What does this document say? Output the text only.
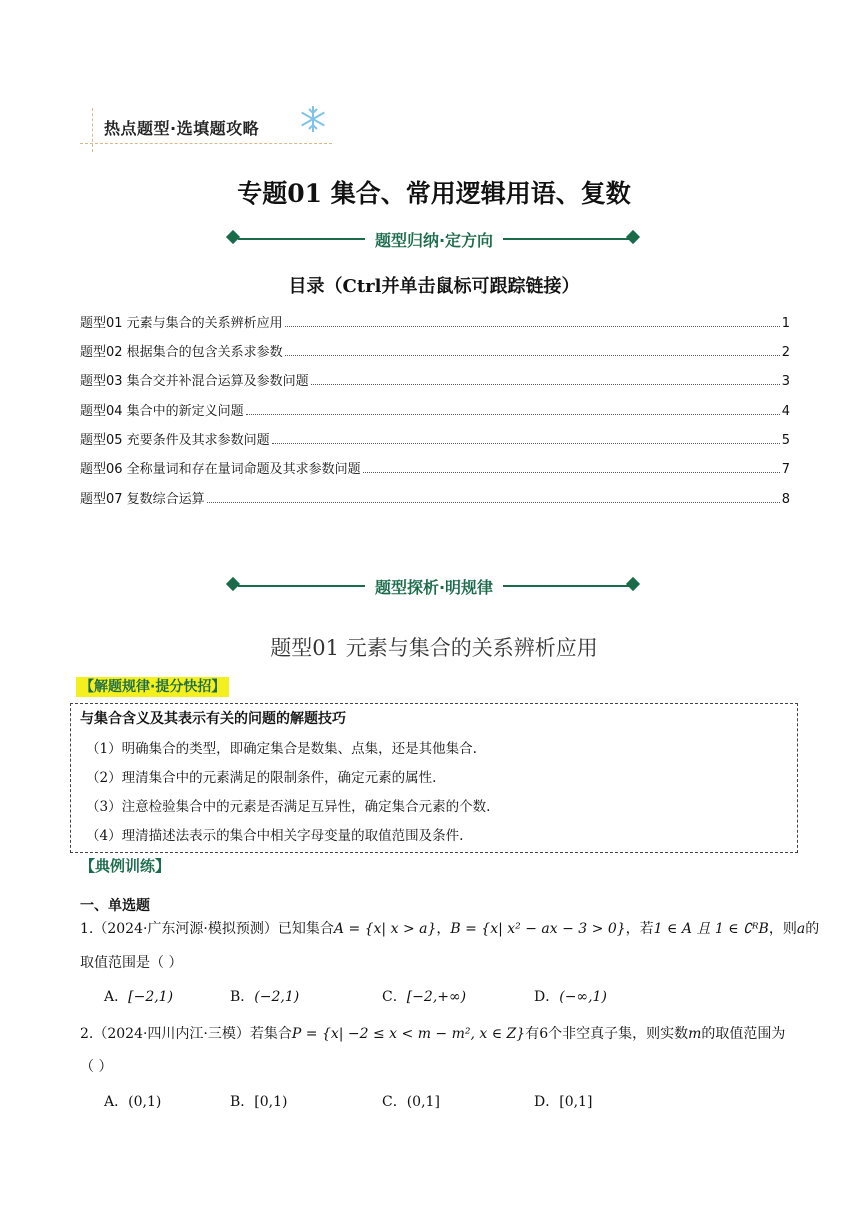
热点题型·选填题攻略
专题01 集合、常用逻辑用语、复数
题型归纳·定方向
目录（Ctrl并单击鼠标可跟踪链接）
题型01 元素与集合的关系辨析应用	1
题型02 根据集合的包含关系求参数	2
题型03 集合交并补混合运算及参数问题	3
题型04 集合中的新定义问题	4
题型05 充要条件及其求参数问题	5
题型06 全称量词和存在量词命题及其求参数问题	7
题型07 复数综合运算	8
题型探析·明规律
题型01 元素与集合的关系辨析应用
【解题规律·提分快招】
与集合含义及其表示有关的问题的解题技巧
（1）明确集合的类型，即确定集合是数集、点集，还是其他集合.
（2）理清集合中的元素满足的限制条件，确定元素的属性.
（3）注意检验集合中的元素是否满足互异性，确定集合元素的个数.
（4）理清描述法表示的集合中相关字母变量的取值范围及条件.
【典例训练】
一、单选题
1.（2024·广东河源·模拟预测）已知集合A = {x| x > a}，B = {x| x² − ax − 3 > 0}，若1 ∈ A 且 1 ∈ ∁ᴿB，则a的
取值范围是（ ）
A．[−2,1)	B．(−2,1)	C．[−2,+∞)	D．(−∞,1)
2.（2024·四川内江·三模）若集合P = {x| −2 ≤ x < m − m², x ∈ Z}有6个非空真子集，则实数m的取值范围为
（ ）
A．(0,1)	B．[0,1)	C．(0,1]	D．[0,1]
